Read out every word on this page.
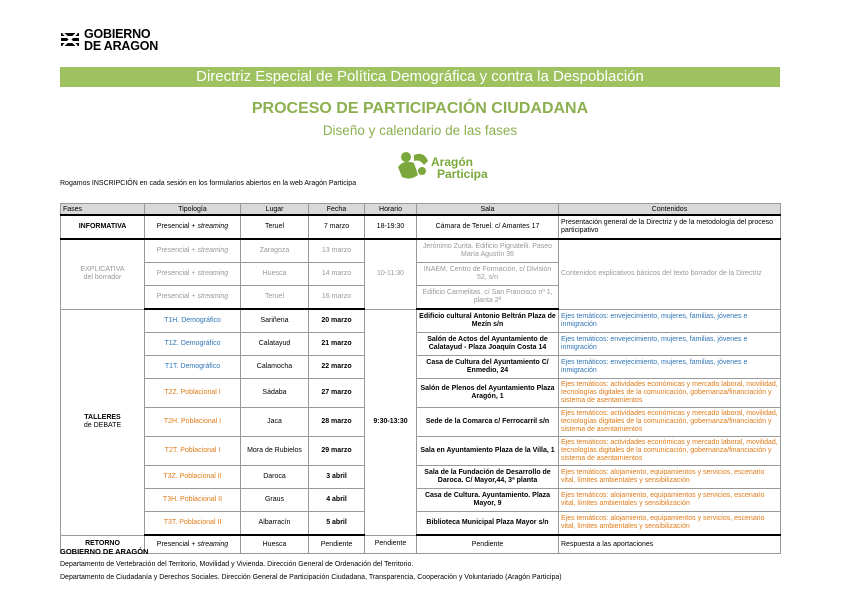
GOBIERNO
DE ARAGON
Directriz Especial de Política Demográfica y contra la Despoblación
PROCESO DE PARTICIPACIÓN CIUDADANA
Diseño y calendario de las fases
Aragón
Participa
Rogamos INSCRIPCIÓN en cada sesión en los formularios abiertos en la web Aragón Participa
Fases	Tipología	Lugar	Fecha	Horario	Sala	Contenidos
INFORMATIVA	Presencial + streaming	Teruel	7 marzo	18-19:30	Cámara de Teruel. c/ Amantes 17	Presentación general de la Directriz y de la metodología del proceso participativo
EXPLICATIVA
del borrador	Presencial + streaming	Zaragoza	13 marzo	10-11:30	Jerónimo Zurita. Edificio Pignatelli. Paseo María Agustín 36	Contenidos explicativos básicos del texto borrador de la Directriz
	Presencial + streaming	Huesca	14 marzo		INAEM, Centro de Formación. c/ División 52, s/n	
	Presencial + streaming	Teruel	16 marzo		Edificio Carmelitas. c/ San Francisco nº 1, planta 2ª	
TALLERES
de DEBATE	T1H. Demográfico	Sariñena	20 marzo	9:30-13:30	Edificio cultural Antonio Beltrán Plaza de Mezín s/n	Ejes temáticos: envejecimiento, mujeres, familias, jóvenes e inmigración
	T1Z. Demográfico	Calatayud	21 marzo		Salón de Actos del Ayuntamiento de Calatayud - Plaza Joaquín Costa 14	Ejes temáticos: envejecimiento, mujeres, familias, jóvenes e inmigración
	T1T. Demográfico	Calamocha	22 marzo		Casa de Cultura del Ayuntamiento C/ Enmedio, 24	Ejes temáticos: envejecimiento, mujeres, familias, jóvenes e inmigración
	T2Z. Poblacional I	Sádaba	27 marzo		Salón de Plenos del Ayuntamiento Plaza Aragón, 1	Ejes temáticos: actividades económicas y mercado laboral, movilidad, tecnologías digitales de la comunicación, gobernanza/financiación y sistema de asentamientos
	T2H. Poblacional I	Jaca	28 marzo		Sede de la Comarca c/ Ferrocarril s/n	Ejes temáticos: actividades económicas y mercado laboral, movilidad, tecnologías digitales de la comunicación, gobernanza/financiación y sistema de asentamientos
	T2T. Poblacional I	Mora de Rubielos	29 marzo		Sala en Ayuntamiento Plaza de la Villa, 1	Ejes temáticos: actividades económicas y mercado laboral, movilidad, tecnologías digitales de la comunicación, gobernanza/financiación y sistema de asentamientos
	T3Z. Poblacional II	Daroca	3 abril		Sala de la Fundación de Desarrollo de Daroca. C/ Mayor,44, 3ª planta	Ejes temáticos: alojamiento, equipamientos y servicios, escenario vital, límites ambientales y sensibilización
	T3H. Poblacional II	Graus	4 abril		Casa de Cultura. Ayuntamiento. Plaza Mayor, 9	Ejes temáticos: alojamiento, equipamientos y servicios, escenario vital, límites ambientales y sensibilización
	T3T. Poblacional II	Albarracín	5 abril		Biblioteca Municipal Plaza Mayor s/n	Ejes temáticos: alojamiento, equipamientos y servicios, escenario vital, límites ambientales y sensibilización
RETORNO	Presencial + streaming	Huesca	Pendiente	Pendiente	Pendiente	Respuesta a las aportaciones
GOBIERNO DE ARAGÓN
Departamento de Vertebración del Territorio, Movilidad y Vivienda. Dirección General de Ordenación del Territorio.
Departamento de Ciudadanía y Derechos Sociales. Dirección General de Participación Ciudadana, Transparencia, Cooperación y Voluntariado (Aragón Participa)
